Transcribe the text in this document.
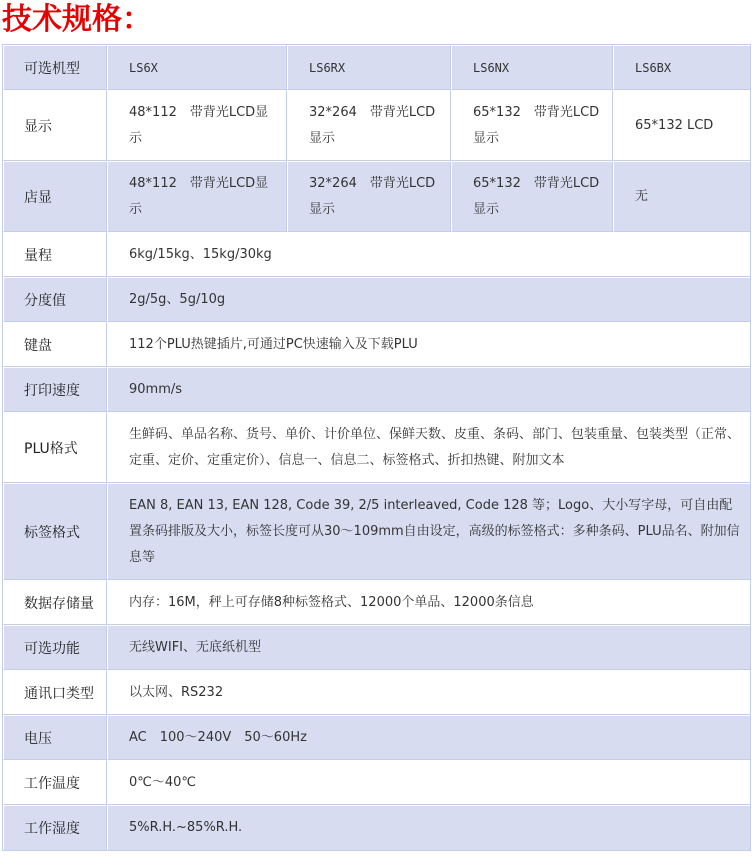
技术规格：
可选机型	LS6X	LS6RX	LS6NX	LS6BX
显示	48*112　带背光LCD显示	32*264　带背光LCD显示	65*132　带背光LCD显示	65*132 LCD
店显	48*112　带背光LCD显示	32*264　带背光LCD显示	65*132　带背光LCD显示	无
量程	6kg/15kg、15kg/30kg			
分度值	2g/5g、5g/10g			
键盘	112个PLU热键插片,可通过PC快速输入及下载PLU			
打印速度	90mm/s			
PLU格式	生鲜码、单品名称、货号、单价、计价单位、保鲜天数、皮重、条码、部门、包装重量、包装类型（正常、定重、定价、定重定价）、信息一、信息二、标签格式、折扣热键、附加文本			
标签格式	EAN 8, EAN 13, EAN 128, Code 39, 2/5 interleaved, Code 128 等；Logo、大小写字母，可自由配置条码排版及大小，标签长度可从30～109mm自由设定，高级的标签格式：多种条码、PLU品名、附加信息等			
数据存储量	内存：16M，秤上可存储8种标签格式、12000个单品、12000条信息			
可选功能	无线WIFI、无底纸机型			
通讯口类型	以太网、RS232			
电压	AC　100～240V　50～60Hz			
工作温度	0℃～40℃			
工作湿度	5%R.H.~85%R.H.			
